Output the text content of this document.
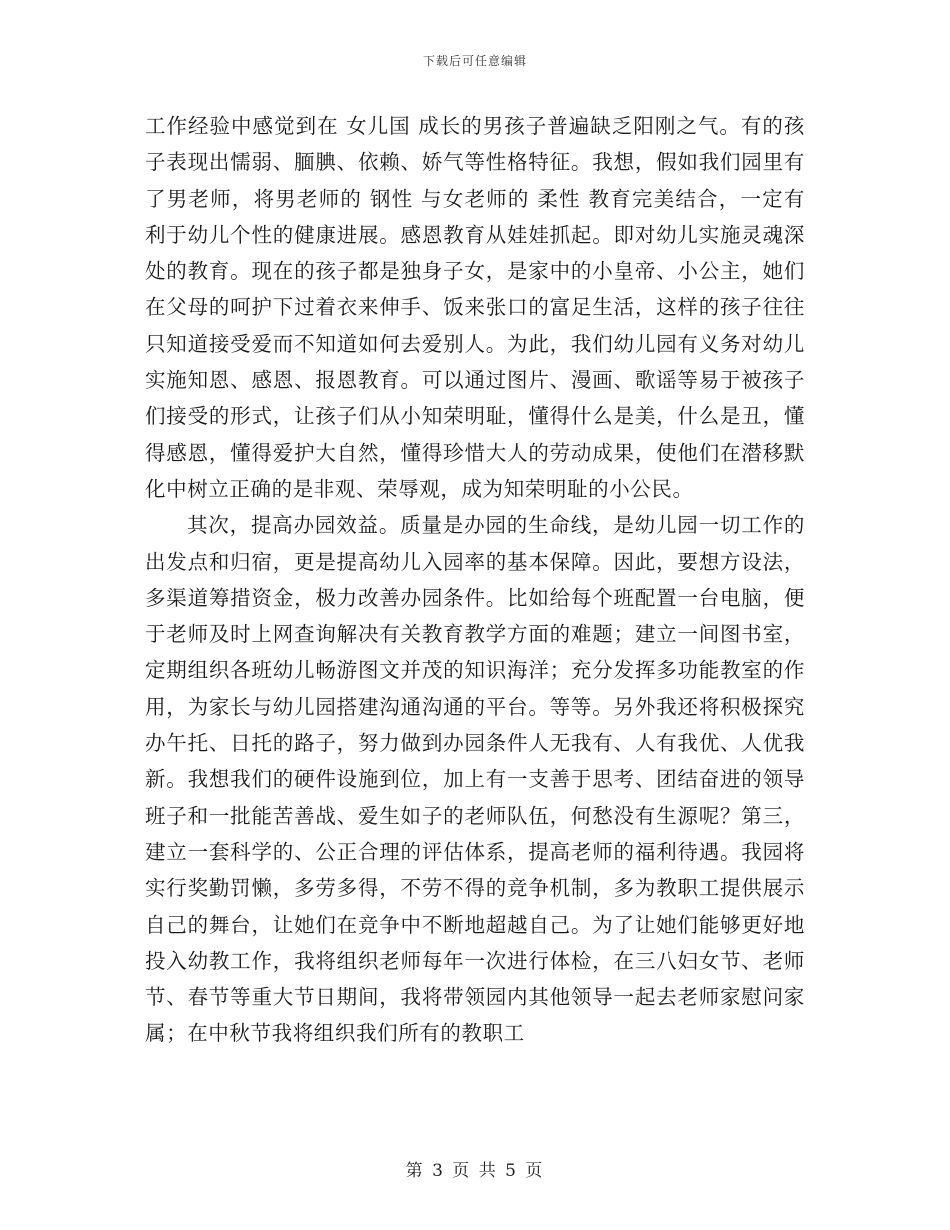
下载后可任意编辑

工作经验中感觉到在 女儿国 成长的男孩子普遍缺乏阳刚之气。有的孩子表现出懦弱、腼腆、依赖、娇气等性格特征。我想，假如我们园里有了男老师，将男老师的 钢性 与女老师的 柔性 教育完美结合，一定有利于幼儿个性的健康进展。感恩教育从娃娃抓起。即对幼儿实施灵魂深处的教育。现在的孩子都是独身子女，是家中的小皇帝、小公主，她们在父母的呵护下过着衣来伸手、饭来张口的富足生活，这样的孩子往往只知道接受爱而不知道如何去爱别人。为此，我们幼儿园有义务对幼儿实施知恩、感恩、报恩教育。可以通过图片、漫画、歌谣等易于被孩子们接受的形式，让孩子们从小知荣明耻，懂得什么是美，什么是丑，懂得感恩，懂得爱护大自然，懂得珍惜大人的劳动成果，使他们在潜移默化中树立正确的是非观、荣辱观，成为知荣明耻的小公民。

其次，提高办园效益。质量是办园的生命线，是幼儿园一切工作的出发点和归宿，更是提高幼儿入园率的基本保障。因此，要想方设法，多渠道筹措资金，极力改善办园条件。比如给每个班配置一台电脑，便于老师及时上网查询解决有关教育教学方面的难题；建立一间图书室，定期组织各班幼儿畅游图文并茂的知识海洋；充分发挥多功能教室的作用，为家长与幼儿园搭建沟通沟通的平台。等等。另外我还将积极探究办午托、日托的路子，努力做到办园条件人无我有、人有我优、人优我新。我想我们的硬件设施到位，加上有一支善于思考、团结奋进的领导班子和一批能苦善战、爱生如子的老师队伍，何愁没有生源呢？第三，建立一套科学的、公正合理的评估体系，提高老师的福利待遇。我园将实行奖勤罚懒，多劳多得，不劳不得的竞争机制，多为教职工提供展示自己的舞台，让她们在竞争中不断地超越自己。为了让她们能够更好地投入幼教工作，我将组织老师每年一次进行体检，在三八妇女节、老师节、春节等重大节日期间，我将带领园内其他领导一起去老师家慰问家属；在中秋节我将组织我们所有的教职工

第 3 页 共 5 页
